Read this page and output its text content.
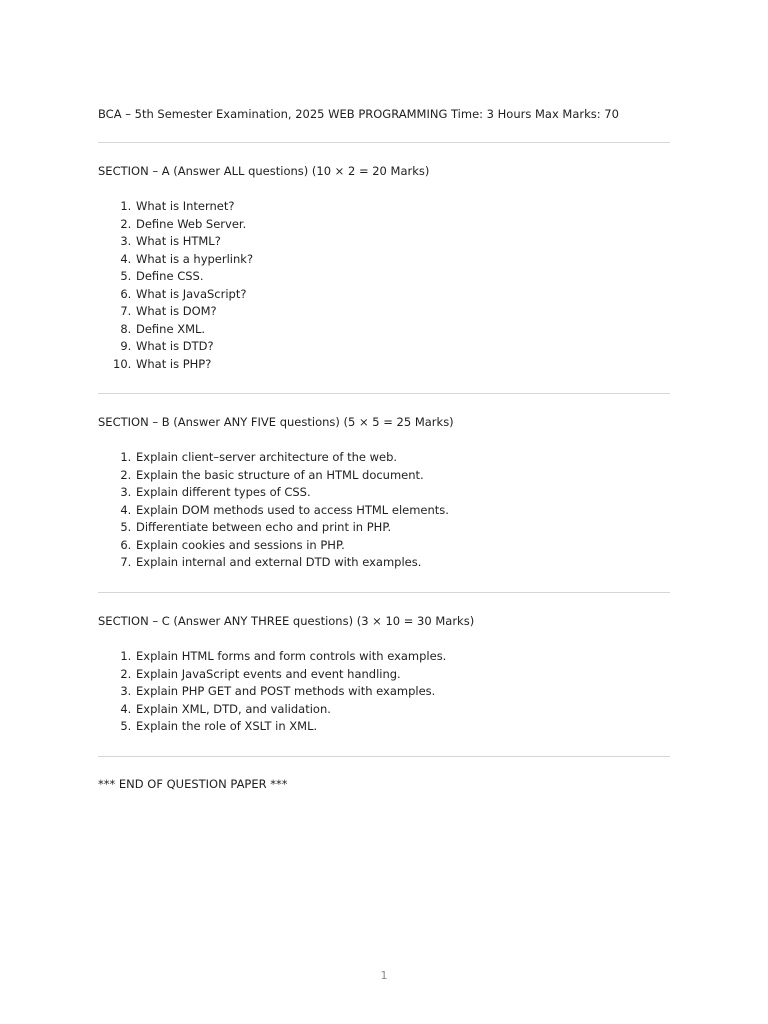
BCA – 5th Semester Examination, 2025 WEB PROGRAMMING Time: 3 Hours Max Marks: 70
SECTION – A (Answer ALL questions) (10 × 2 = 20 Marks)
1. What is Internet?
2. Define Web Server.
3. What is HTML?
4. What is a hyperlink?
5. Define CSS.
6. What is JavaScript?
7. What is DOM?
8. Define XML.
9. What is DTD?
10. What is PHP?
SECTION – B (Answer ANY FIVE questions) (5 × 5 = 25 Marks)
1. Explain client–server architecture of the web.
2. Explain the basic structure of an HTML document.
3. Explain different types of CSS.
4. Explain DOM methods used to access HTML elements.
5. Differentiate between echo and print in PHP.
6. Explain cookies and sessions in PHP.
7. Explain internal and external DTD with examples.
SECTION – C (Answer ANY THREE questions) (3 × 10 = 30 Marks)
1. Explain HTML forms and form controls with examples.
2. Explain JavaScript events and event handling.
3. Explain PHP GET and POST methods with examples.
4. Explain XML, DTD, and validation.
5. Explain the role of XSLT in XML.
*** END OF QUESTION PAPER ***
1
